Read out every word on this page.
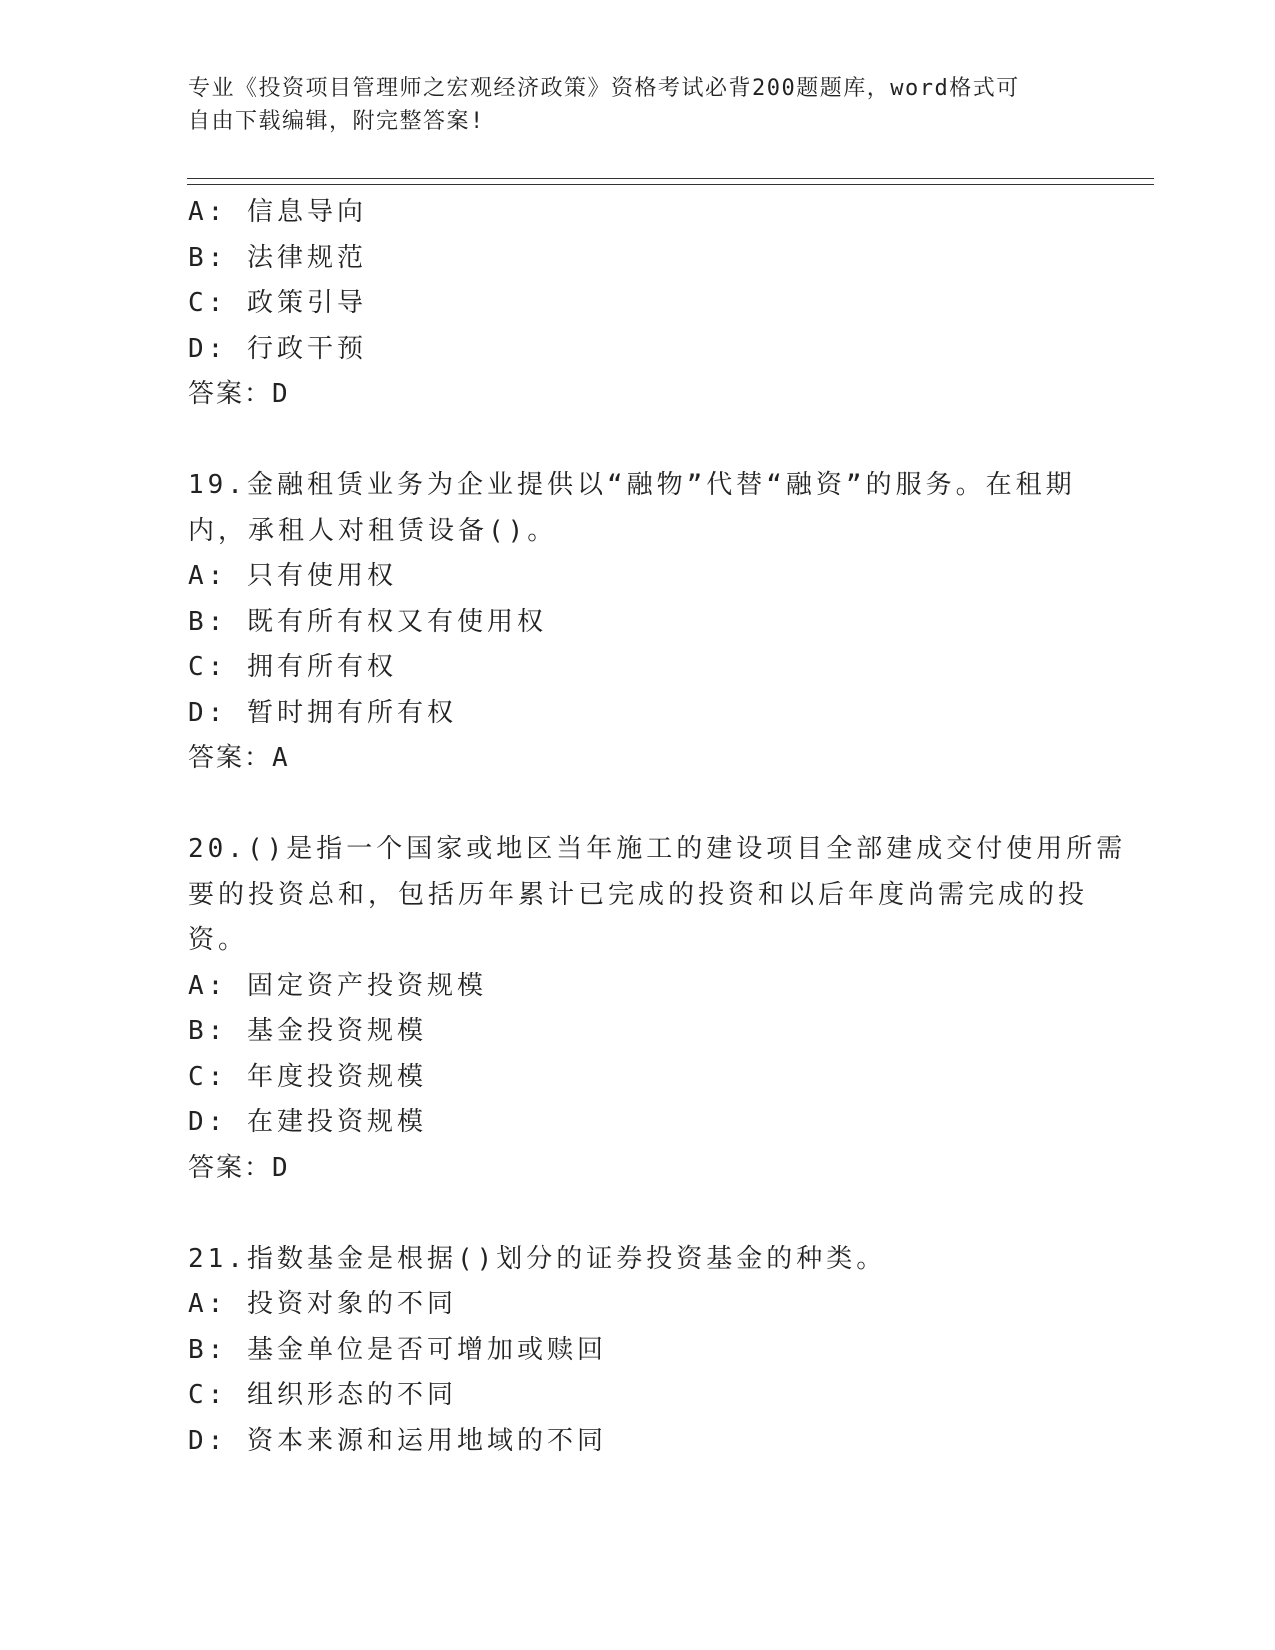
专业《投资项目管理师之宏观经济政策》资格考试必背200题题库，word格式可
自由下载编辑，附完整答案!
A: 信息导向
B: 法律规范
C: 政策引导
D: 行政干预
答案：D
19.金融租赁业务为企业提供以“融物”代替“融资”的服务。在租期
内，承租人对租赁设备()。
A: 只有使用权
B: 既有所有权又有使用权
C: 拥有所有权
D: 暂时拥有所有权
答案：A
20.()是指一个国家或地区当年施工的建设项目全部建成交付使用所需
要的投资总和，包括历年累计已完成的投资和以后年度尚需完成的投
资。
A: 固定资产投资规模
B: 基金投资规模
C: 年度投资规模
D: 在建投资规模
答案：D
21.指数基金是根据()划分的证券投资基金的种类。
A: 投资对象的不同
B: 基金单位是否可增加或赎回
C: 组织形态的不同
D: 资本来源和运用地域的不同
